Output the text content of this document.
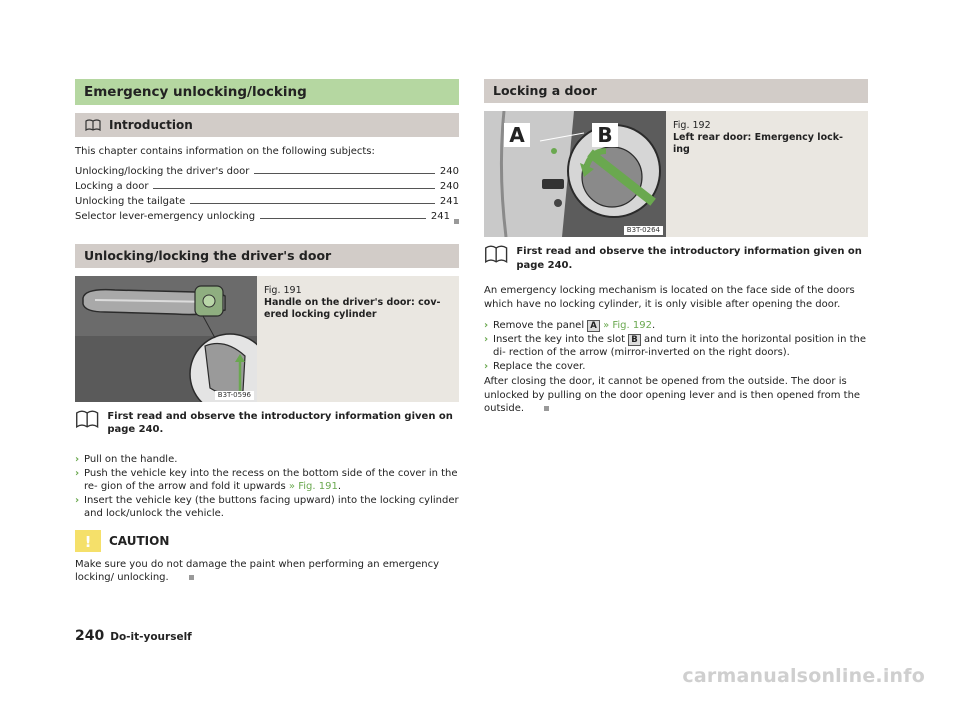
Emergency unlocking/locking
Introduction

This chapter contains information on the following subjects:

Unlocking/locking the driver's door	240
Locking a door	240
Unlocking the tailgate	241
Selector lever-emergency unlocking	241
Unlocking/locking the driver's door
B3T-0596
Fig. 191
Handle on the driver's door: cov- ered locking cylinder
First read and observe the introductory information given on page 240.
› Pull on the handle.
› Push the vehicle key into the recess on the bottom side of the cover in the re- gion of the arrow and fold it upwards » Fig. 191.
› Insert the vehicle key (the buttons facing upward) into the locking cylinder and lock/unlock the vehicle.
! CAUTION
Make sure you do not damage the paint when performing an emergency locking/ unlocking.
Locking a door
A	B
B3T-0264
Fig. 192
Left rear door: Emergency lock- ing
First read and observe the introductory information given on page 240.

An emergency locking mechanism is located on the face side of the doors which have no locking cylinder, it is only visible after opening the door.

› Remove the panel A » Fig. 192.
› Insert the key into the slot B and turn it into the horizontal position in the di- rection of the arrow (mirror-inverted on the right doors).
› Replace the cover.

After closing the door, it cannot be opened from the outside. The door is unlocked by pulling on the door opening lever and is then opened from the outside.

240 Do-it-yourself
carmanualsonline.info
